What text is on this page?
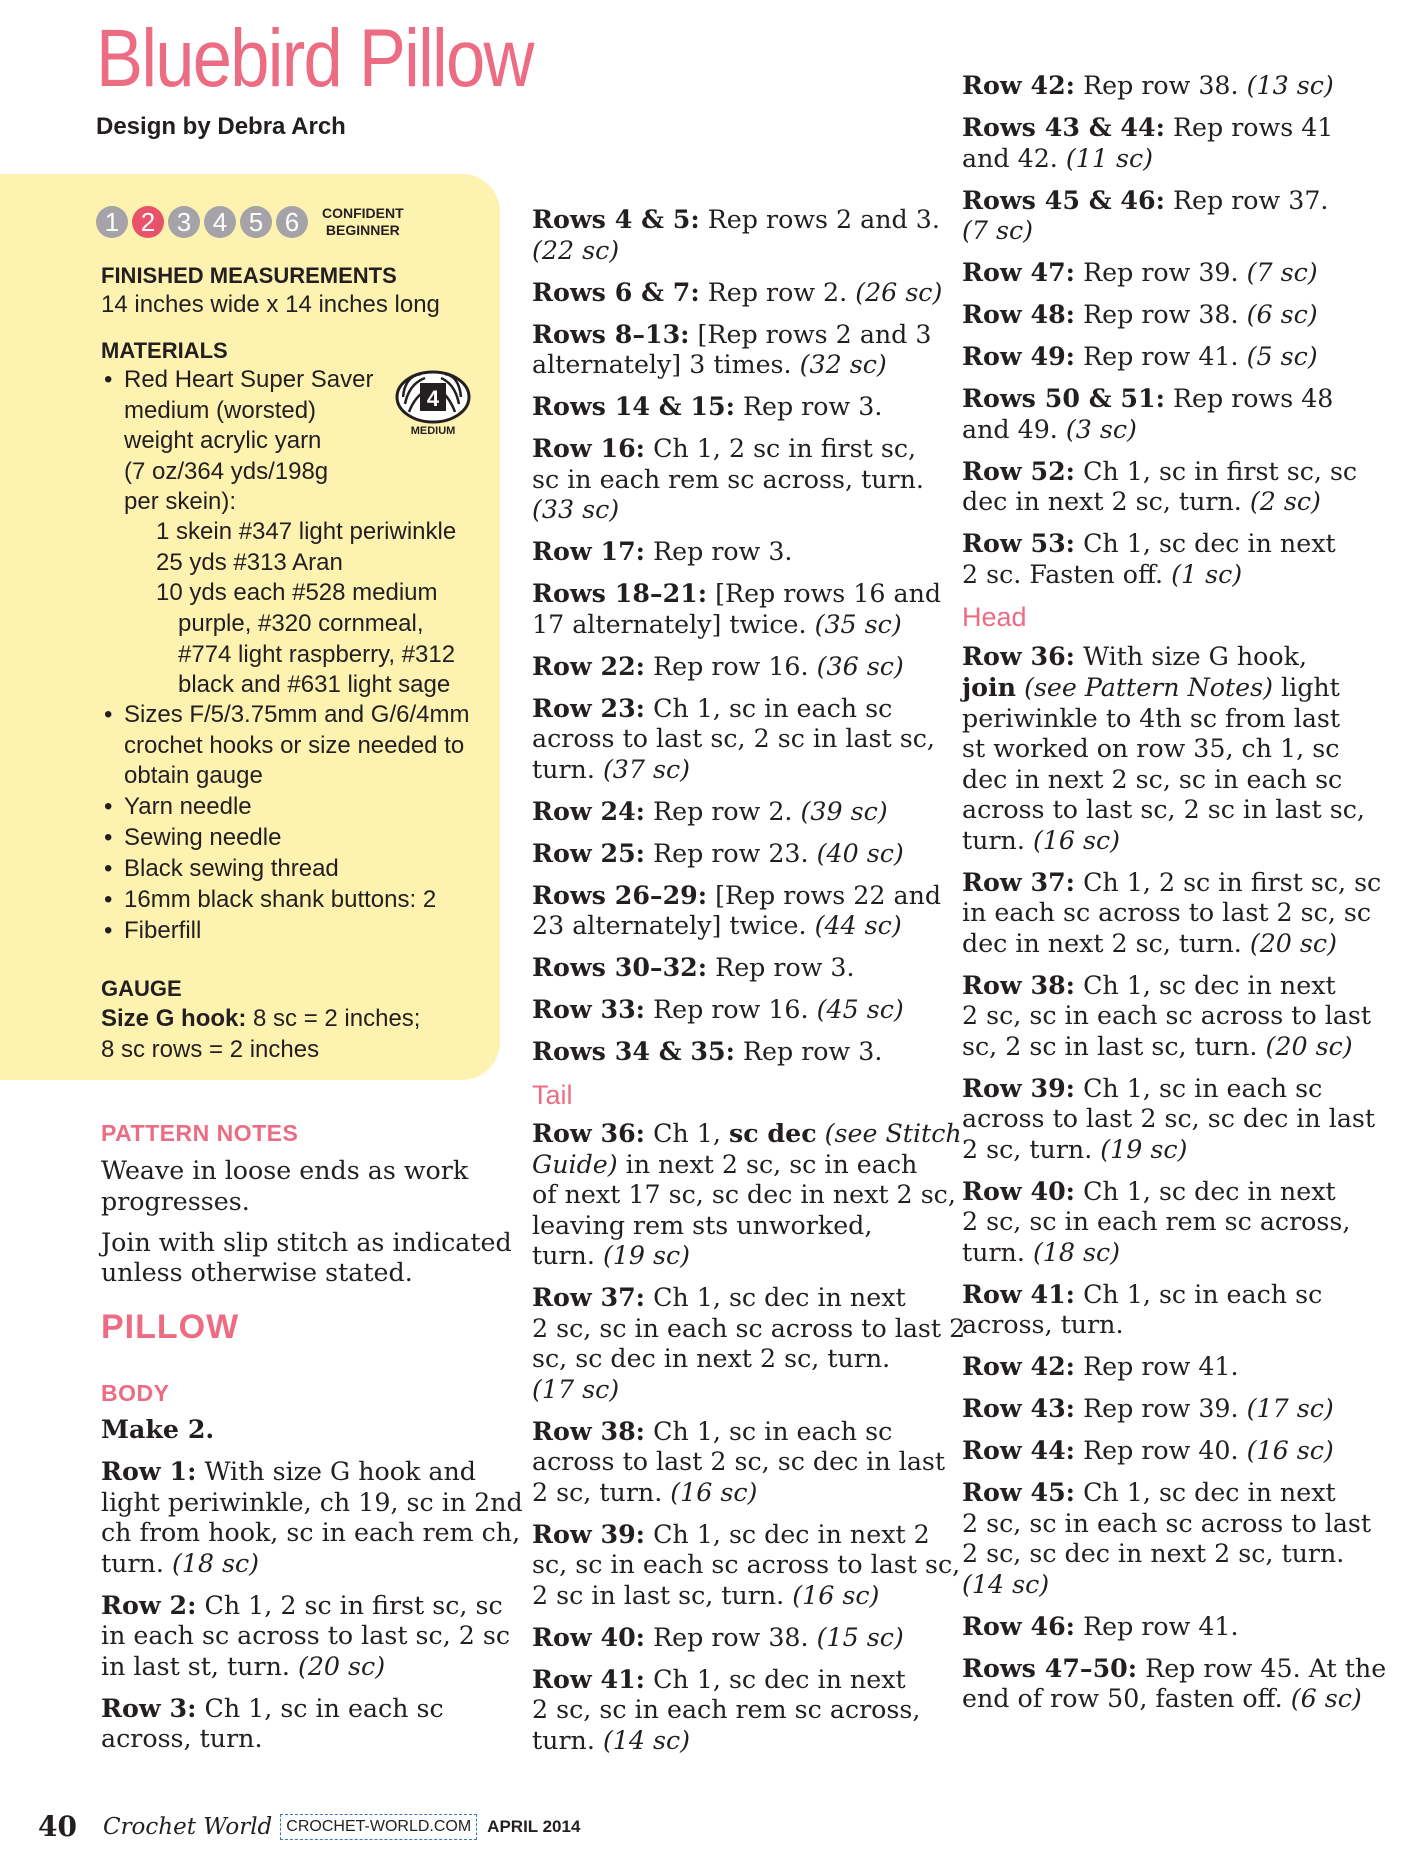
Bluebird Pillow
Design by Debra Arch
1 2 3 4 5 6	CONFIDENT
BEGINNER
FINISHED MEASUREMENTS
14 inches wide x 14 inches long
MATERIALS
• Red Heart Super Saver
medium (worsted)
weight acrylic yarn
(7 oz/364 yds/198g
per skein):
1 skein #347 light periwinkle
25 yds #313 Aran
10 yds each #528 medium
purple, #320 cornmeal,
#774 light raspberry, #312
black and #631 light sage
4
MEDIUM
• Sizes F/5/3.75mm and G/6/4mm
crochet hooks or size needed to
obtain gauge
• Yarn needle
• Sewing needle
• Black sewing thread
• 16mm black shank buttons: 2
• Fiberfill
GAUGE
Size G hook: 8 sc = 2 inches;
8 sc rows = 2 inches
PATTERN NOTES

Weave in loose ends as work
progresses.

Join with slip stitch as indicated
unless otherwise stated.

PILLOW
BODY

Make 2.

Row 1: With size G hook and
light periwinkle, ch 19, sc in 2nd
ch from hook, sc in each rem ch,
turn. (18 sc)

Row 2: Ch 1, 2 sc in first sc, sc
in each sc across to last sc, 2 sc
in last st, turn. (20 sc)

Row 3: Ch 1, sc in each sc
across, turn.

Rows 4 & 5: Rep rows 2 and 3.
(22 sc)

Rows 6 & 7: Rep row 2. (26 sc)

Rows 8–13: [Rep rows 2 and 3
alternately] 3 times. (32 sc)

Rows 14 & 15: Rep row 3.

Row 16: Ch 1, 2 sc in first sc,
sc in each rem sc across, turn.
(33 sc)

Row 17: Rep row 3.

Rows 18–21: [Rep rows 16 and
17 alternately] twice. (35 sc)

Row 22: Rep row 16. (36 sc)

Row 23: Ch 1, sc in each sc
across to last sc, 2 sc in last sc,
turn. (37 sc)

Row 24: Rep row 2. (39 sc)

Row 25: Rep row 23. (40 sc)

Rows 26–29: [Rep rows 22 and
23 alternately] twice. (44 sc)

Rows 30–32: Rep row 3.

Row 33: Rep row 16. (45 sc)

Rows 34 & 35: Rep row 3.

Tail

Row 36: Ch 1, sc dec (see Stitch
Guide) in next 2 sc, sc in each
of next 17 sc, sc dec in next 2 sc,
leaving rem sts unworked,
turn. (19 sc)

Row 37: Ch 1, sc dec in next
2 sc, sc in each sc across to last 2
sc, sc dec in next 2 sc, turn.
(17 sc)

Row 38: Ch 1, sc in each sc
across to last 2 sc, sc dec in last
2 sc, turn. (16 sc)

Row 39: Ch 1, sc dec in next 2
sc, sc in each sc across to last sc,
2 sc in last sc, turn. (16 sc)

Row 40: Rep row 38. (15 sc)

Row 41: Ch 1, sc dec in next
2 sc, sc in each rem sc across,
turn. (14 sc)

Row 42: Rep row 38. (13 sc)

Rows 43 & 44: Rep rows 41
and 42. (11 sc)

Rows 45 & 46: Rep row 37.
(7 sc)

Row 47: Rep row 39. (7 sc)

Row 48: Rep row 38. (6 sc)

Row 49: Rep row 41. (5 sc)

Rows 50 & 51: Rep rows 48
and 49. (3 sc)

Row 52: Ch 1, sc in first sc, sc
dec in next 2 sc, turn. (2 sc)

Row 53: Ch 1, sc dec in next
2 sc. Fasten off. (1 sc)

Head

Row 36: With size G hook,
join (see Pattern Notes) light
periwinkle to 4th sc from last
st worked on row 35, ch 1, sc
dec in next 2 sc, sc in each sc
across to last sc, 2 sc in last sc,
turn. (16 sc)

Row 37: Ch 1, 2 sc in first sc, sc
in each sc across to last 2 sc, sc
dec in next 2 sc, turn. (20 sc)

Row 38: Ch 1, sc dec in next
2 sc, sc in each sc across to last
sc, 2 sc in last sc, turn. (20 sc)

Row 39: Ch 1, sc in each sc
across to last 2 sc, sc dec in last
2 sc, turn. (19 sc)

Row 40: Ch 1, sc dec in next
2 sc, sc in each rem sc across,
turn. (18 sc)

Row 41: Ch 1, sc in each sc
across, turn.

Row 42: Rep row 41.

Row 43: Rep row 39. (17 sc)

Row 44: Rep row 40. (16 sc)

Row 45: Ch 1, sc dec in next
2 sc, sc in each sc across to last
2 sc, sc dec in next 2 sc, turn.
(14 sc)

Row 46: Rep row 41.

Rows 47–50: Rep row 45. At the
end of row 50, fasten off. (6 sc)

40 Crochet World CROCHET-WORLD.COM APRIL 2014
